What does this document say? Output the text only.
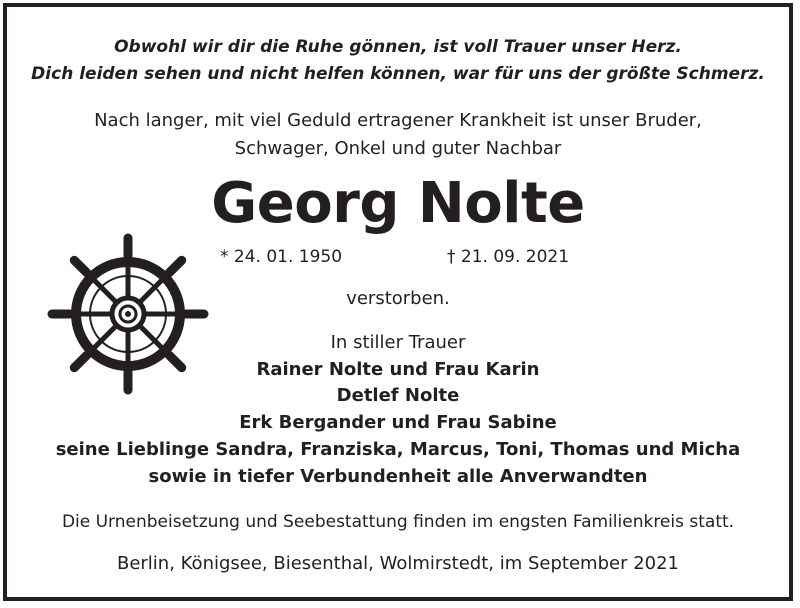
Obwohl wir dir die Ruhe gönnen, ist voll Trauer unser Herz.

Dich leiden sehen und nicht helfen können, war für uns der größte Schmerz.

Nach langer, mit viel Geduld ertragener Krankheit ist unser Bruder,

Schwager, Onkel und guter Nachbar

Georg Nolte

* 24. 01. 1950	† 21. 09. 2021

verstorben.

In stiller Trauer

Rainer Nolte und Frau Karin

Detlef Nolte

Erk Bergander und Frau Sabine

seine Lieblinge Sandra, Franziska, Marcus, Toni, Thomas und Micha

sowie in tiefer Verbundenheit alle Anverwandten

Die Urnenbeisetzung und Seebestattung finden im engsten Familienkreis statt.

Berlin, Königsee, Biesenthal, Wolmirstedt, im September 2021
